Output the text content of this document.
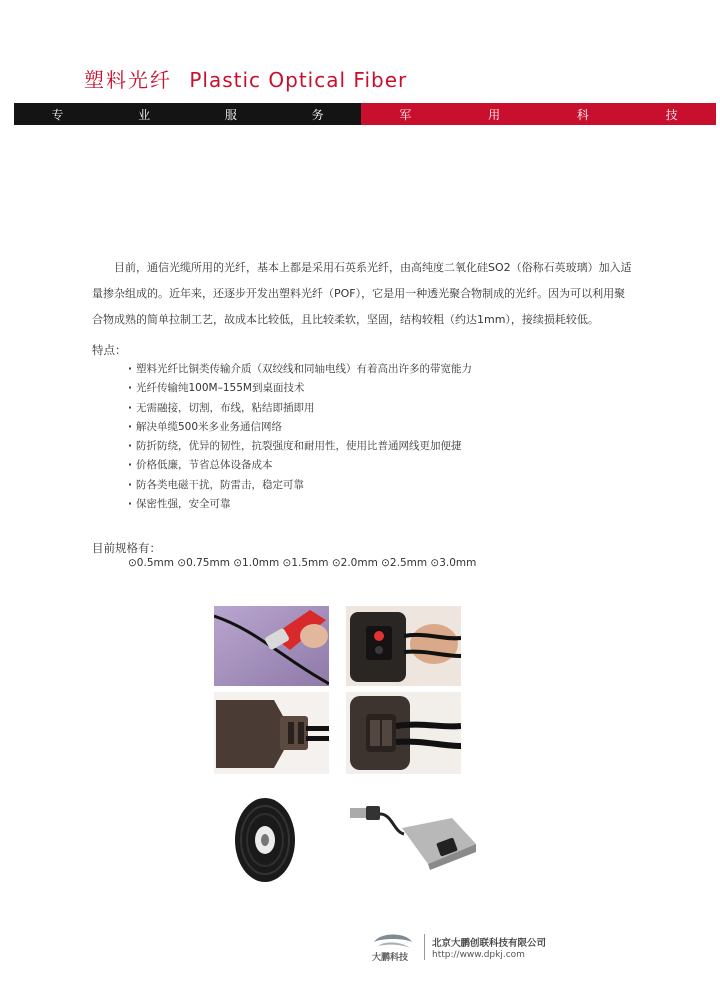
塑料光纤 Plastic Optical Fiber
专	业	服	务	军	用	科	技

目前，通信光缆所用的光纤，基本上都是采用石英系光纤，由高纯度二氧化硅SO2（俗称石英玻璃）加入适量掺杂组成的。近年来，还逐步开发出塑料光纤（POF），它是用一种透光聚合物制成的光纤。因为可以利用聚合物成熟的简单拉制工艺，故成本比较低，且比较柔软，坚固，结构较粗（约达1mm），接续损耗较低。

特点：
· 塑料光纤比铜类传输介质（双绞线和同轴电线）有着高出许多的带宽能力
· 光纤传输纯100M–155M到桌面技术
· 无需融接，切割，布线，粘结即插即用
· 解决单缆500米多业务通信网络
· 防折防绕，优异的韧性，抗裂强度和耐用性，使用比普通网线更加便捷
· 价格低廉，节省总体设备成本
· 防各类电磁干扰，防雷击，稳定可靠
· 保密性强，安全可靠
目前规格有：
⊙0.5mm ⊙0.75mm ⊙1.0mm ⊙1.5mm ⊙2.0mm ⊙2.5mm ⊙3.0mm
大鹏科技
北京大鹏创联科技有限公司
http://www.dpkj.com
